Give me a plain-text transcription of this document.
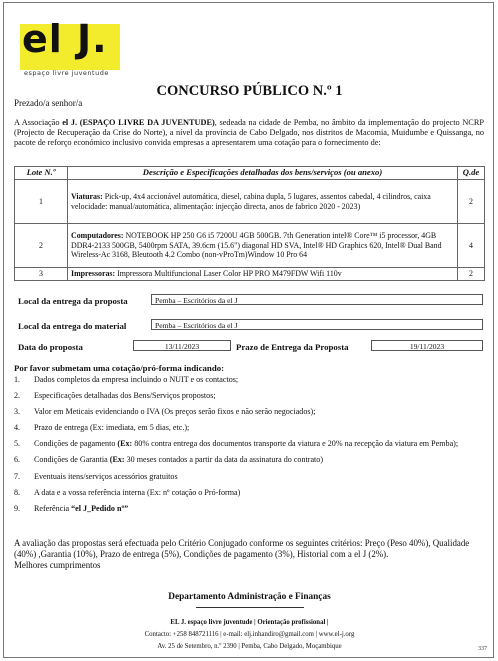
el J.
espaço livre juventude
CONCURSO PÚBLICO N.º 1
Prezado/a senhor/a
A Associação el J. (ESPAÇO LIVRE DA JUVENTUDE), sedeada na cidade de Pemba, no âmbito da implementação do projecto NCRP (Projecto de Recuperação da Crise do Norte), a nível da província de Cabo Delgado, nos distritos de Macomia, Muidumbe e Quissanga, no pacote de reforço económico inclusivo convida empresas a apresentarem uma cotação para o fornecimento de:
Lote N.º	Descrição e Especificações detalhadas dos bens/serviços (ou anexo)	Q.de
1	Viaturas: Pick-up, 4x4 accionável automática, diesel, cabina dupla, 5 lugares, assentos cabedal, 4 cilindros, caixa velocidade: manual/automática, alimentação: injecção directa, anos de fabrico 2020 - 2023)	2
2	Computadores: NOTEBOOK HP 250 G6 i5 7200U 4GB 500GB. 7th Generation intel® Core™ i5 processor, 4GB DDR4-2133 500GB, 5400rpm SATA, 39.6cm (15.6") diagonal HD SVA, Intel® HD Graphics 620, Intel® Dual Band Wireless-Ac 3168, Bleutooth 4.2 Combo (non-vProTm)Window 10 Pro 64	4
3	Impressoras: Impressora Multifuncional Laser Color HP PRO M479FDW Wifi 110v	2
Local da entrega da proposta	Pemba – Escritórios da el J
Local da entrega do material	Pemba – Escritórios da el J
Data do proposta	13/11/2023	Prazo de Entrega da Proposta	19/11/2023
Por favor submetam uma cotação/pró-forma indicando:
1. Dados completos da empresa incluindo o NUIT e os contactos;
2. Especificações detalhadas dos Bens/Serviços propostos;
3. Valor em Meticais evidenciando o IVA (Os preços serão fixos e não serão negociados);
4. Prazo de entrega (Ex: imediata, em 5 dias, etc.);
5. Condições de pagamento (Ex: 80% contra entrega dos documentos transporte da viatura e 20% na recepção da viatura em Pemba);
6. Condições de Garantia (Ex: 30 meses contados a partir da data da assinatura do contrato)
7. Eventuais itens/serviços acessórios gratuitos
8. A data e a vossa referência interna (Ex: nº cotação o Pró-forma)
9. Referência “el J_Pedido nº”
A avaliação das propostas será efectuada pelo Critério Conjugado conforme os seguintes critérios: Preço (Peso 40%), Qualidade (40%) ,Garantia (10%), Prazo de entrega (5%), Condições de pagamento (3%), Historial com a el J (2%).
Melhores cumprimentos
Departamento Administração e Finanças
EL J. espaço livre juventude | Orientação profissional |
Contacto: +258 848721116 | e-mail: elj.inhandiro@gmail.com | www.el-j.org
Av. 25 de Setembro, n.º 2390 | Pemba, Cabo Delgado, Moçambique	337
